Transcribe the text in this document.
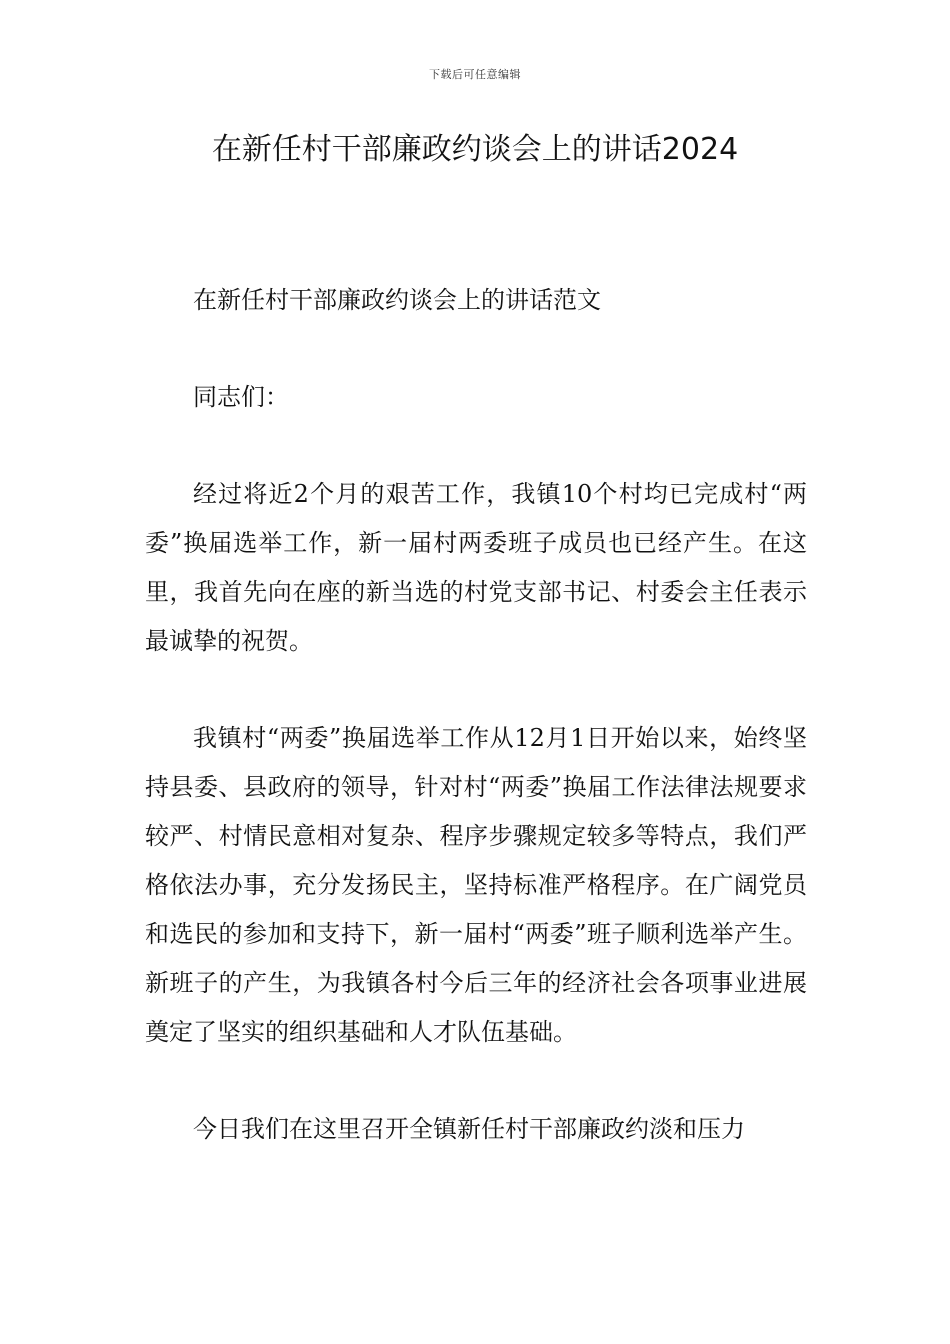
下载后可任意编辑
在新任村干部廉政约谈会上的讲话2024

在新任村干部廉政约谈会上的讲话范文

同志们：

经过将近2个月的艰苦工作，我镇10个村均已完成村“两委”换届选举工作，新一届村两委班子成员也已经产生。在这里，我首先向在座的新当选的村党支部书记、村委会主任表示最诚挚的祝贺。

我镇村“两委”换届选举工作从12月1日开始以来，始终坚持县委、县政府的领导，针对村“两委”换届工作法律法规要求较严、村情民意相对复杂、程序步骤规定较多等特点，我们严格依法办事，充分发扬民主，坚持标准严格程序。在广阔党员和选民的参加和支持下，新一届村“两委”班子顺利选举产生。新班子的产生，为我镇各村今后三年的经济社会各项事业进展奠定了坚实的组织基础和人才队伍基础。

今日我们在这里召开全镇新任村干部廉政约淡和压力
